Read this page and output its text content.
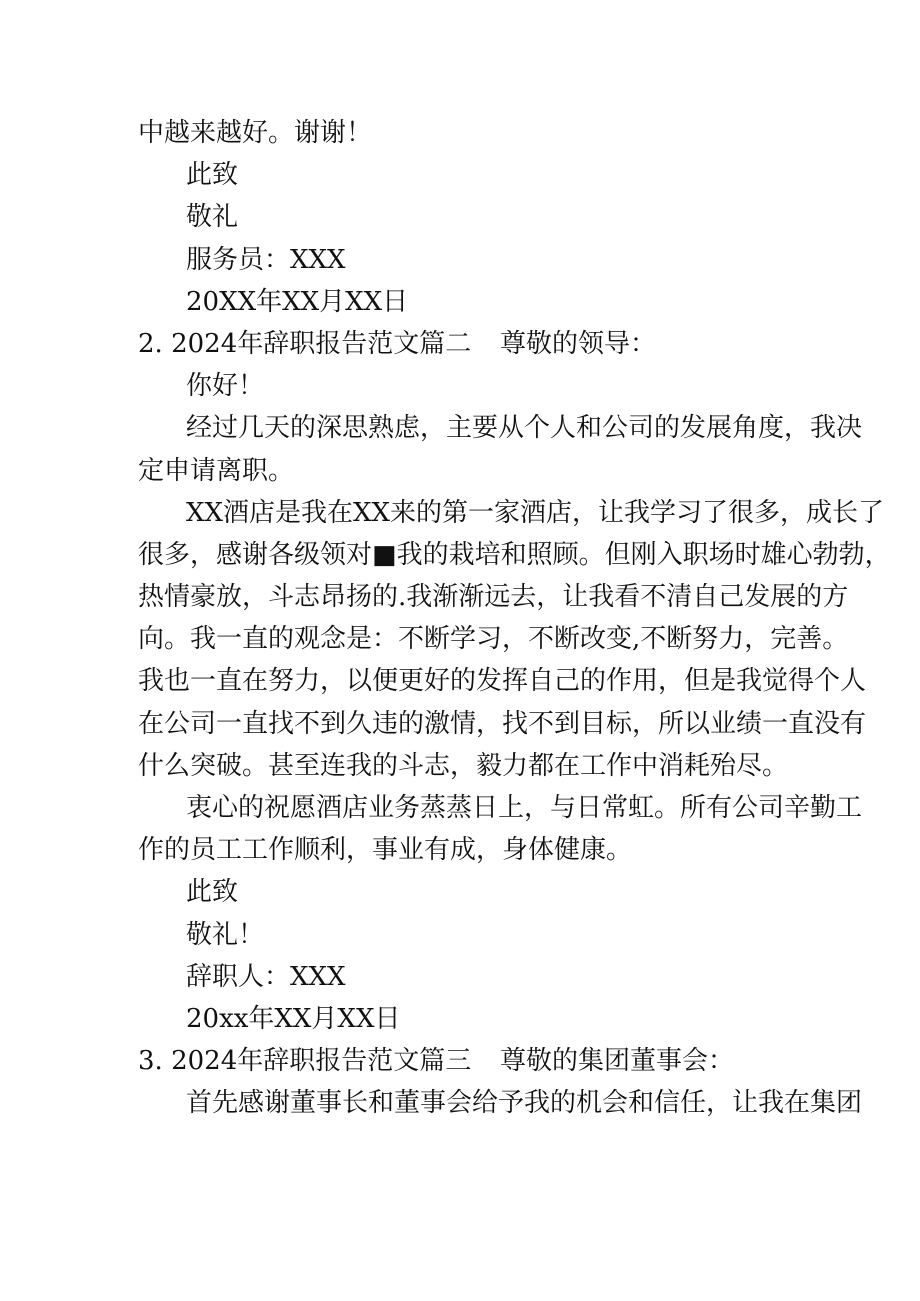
中越来越好。谢谢！
此致
敬礼
服务员：XXX
20XX年XX月XX日
2. 2024年辞职报告范文篇二 尊敬的领导：
你好！
经过几天的深思熟虑，主要从个人和公司的发展角度，我决
定申请离职。
XX酒店是我在XX来的第一家酒店，让我学习了很多，成长了
很多，感谢各级领对■我的栽培和照顾。但刚入职场时雄心勃勃，
热情豪放，斗志昂扬的.我渐渐远去，让我看不清自己发展的方
向。我一直的观念是：不断学习，不断改变,不断努力，完善。
我也一直在努力，以便更好的发挥自己的作用，但是我觉得个人
在公司一直找不到久违的激情，找不到目标，所以业绩一直没有
什么突破。甚至连我的斗志，毅力都在工作中消耗殆尽。
衷心的祝愿酒店业务蒸蒸日上，与日常虹。所有公司辛勤工
作的员工工作顺利，事业有成，身体健康。
此致
敬礼！
辞职人：XXX
20xx年XX月XX日
3. 2024年辞职报告范文篇三 尊敬的集团董事会：
首先感谢董事长和董事会给予我的机会和信任，让我在集团
